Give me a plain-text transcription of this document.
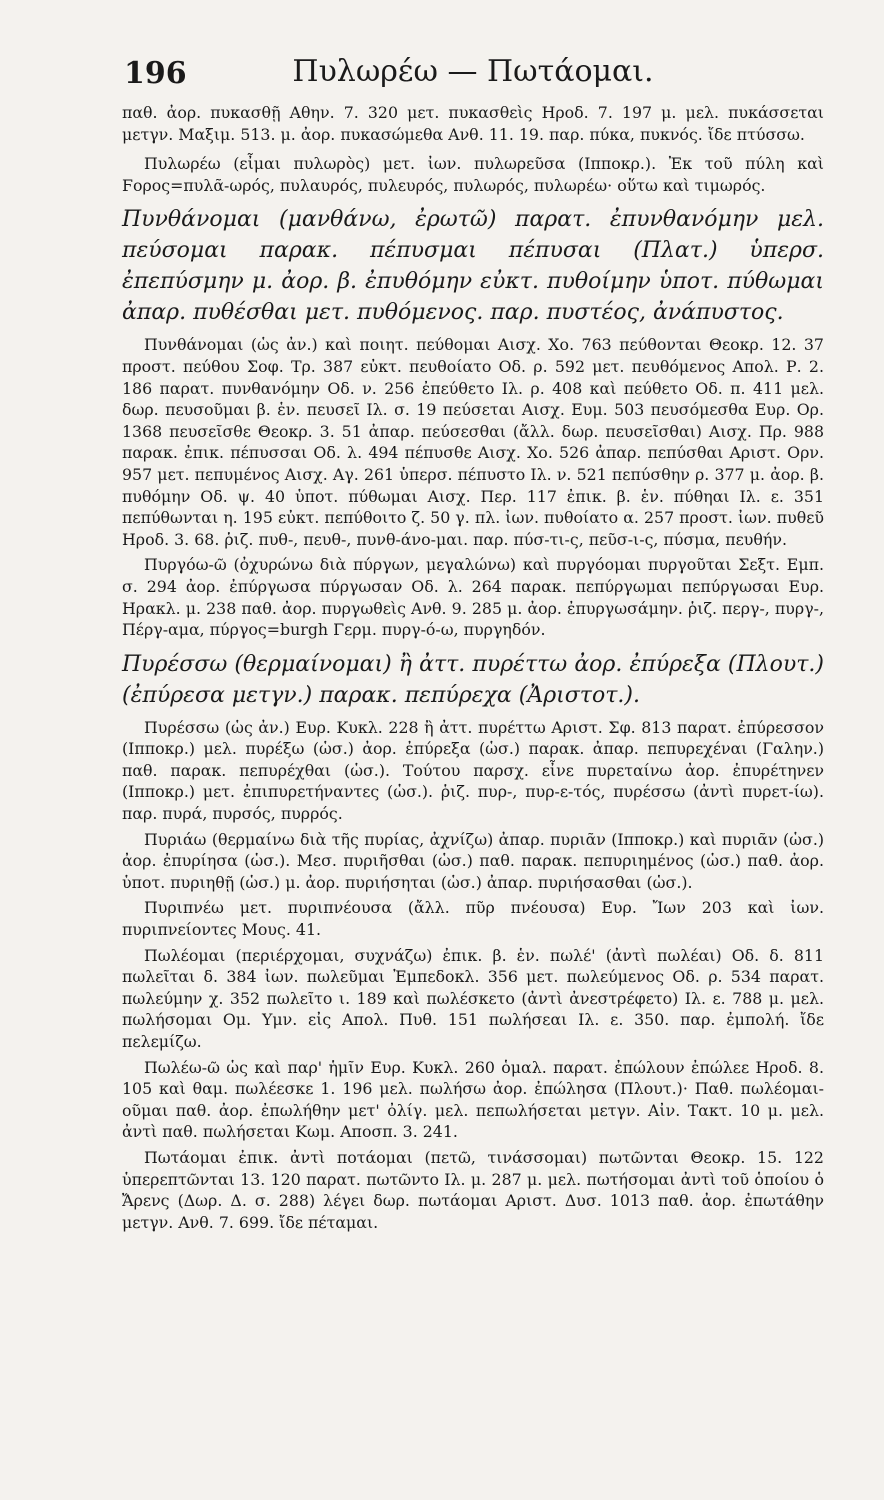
196	Πυλωρέω — Πωτάομαι.

παθ. ἀορ. πυκασθῇ Αθην. 7. 320 μετ. πυκασθεὶς Ηροδ. 7. 197 μ. μελ. πυκάσσεται μετγν. Μαξιμ. 513. μ. ἀορ. πυκασώμεθα Ανθ. 11. 19. παρ. πύκα, πυκνός. ἴδε πτύσσω.

Πυλωρέω (εἶμαι πυλωρὸς) μετ. ἰων. πυλωρεῦσα (Ιπποκρ.). Ἐκ τοῦ πύλη καὶ Ϝορος=πυλᾶ-ωρός, πυλαυρός, πυλευρός, πυλωρός, πυλωρέω· οὕτω καὶ τιμωρός.

Πυνθάνομαι (μανθάνω, ἐρωτῶ) παρατ. ἐπυνθανόμην μελ. πεύσομαι παρακ. πέπυσμαι πέπυσαι (Πλατ.) ὑπερσ. ἐπεπύσμην μ. ἀορ. β. ἐπυθόμην εὐκτ. πυθοίμην ὑποτ. πύθωμαι ἀπαρ. πυθέσθαι μετ. πυθόμενος. παρ. πυστέος, ἀνάπυστος.

Πυνθάνομαι (ὡς ἀν.) καὶ ποιητ. πεύθομαι Αισχ. Χο. 763 πεύθονται Θεοκρ. 12. 37 προστ. πεύθου Σοφ. Τρ. 387 εὐκτ. πευθοίατο Οδ. ρ. 592 μετ. πευθόμενος Απολ. Ρ. 2. 186 παρατ. πυνθανόμην Οδ. ν. 256 ἐπεύθετο Ιλ. ρ. 408 καὶ πεύθετο Οδ. π. 411 μελ. δωρ. πευσοῦμαι β. ἑν. πευσεῖ Ιλ. σ. 19 πεύσεται Αισχ. Ευμ. 503 πευσόμεσθα Ευρ. Ορ. 1368 πευσεῖσθε Θεοκρ. 3. 51 ἀπαρ. πεύσεσθαι (ἄλλ. δωρ. πευσεῖσθαι) Αισχ. Πρ. 988 παρακ. ἐπικ. πέπυσσαι Οδ. λ. 494 πέπυσθε Αισχ. Χο. 526 ἀπαρ. πεπύσθαι Αριστ. Ορν. 957 μετ. πεπυμένος Αισχ. Αγ. 261 ὑπερσ. πέπυστο Ιλ. ν. 521 πεπύσθην ρ. 377 μ. ἀορ. β. πυθόμην Οδ. ψ. 40 ὑποτ. πύθωμαι Αισχ. Περ. 117 ἐπικ. β. ἑν. πύθηαι Ιλ. ε. 351 πεπύθωνται η. 195 εὐκτ. πεπύθοιτο ζ. 50 γ. πλ. ἰων. πυθοίατο α. 257 προστ. ἰων. πυθεῦ Ηροδ. 3. 68. ῥιζ. πυθ-, πευθ-, πυνθ-άνο-μαι. παρ. πύσ-τι-ς, πεῦσ-ι-ς, πύσμα, πευθήν.

Πυργόω-ῶ (ὀχυρώνω διὰ πύργων, μεγαλώνω) καὶ πυργόομαι πυργοῦται Σεξτ. Εμπ. σ. 294 ἀορ. ἐπύργωσα πύργωσαν Οδ. λ. 264 παρακ. πεπύργωμαι πεπύργωσαι Ευρ. Ηρακλ. μ. 238 παθ. ἀορ. πυργωθεὶς Ανθ. 9. 285 μ. ἀορ. ἐπυργωσάμην. ῥιζ. περγ-, πυργ-, Πέργ-αμα, πύργος=burgh Γερμ. πυργ-ό-ω, πυργηδόν.

Πυρέσσω (θερμαίνομαι) ἢ ἀττ. πυρέττω ἀορ. ἐπύρεξα (Πλουτ.) (ἐπύρεσα μετγν.) παρακ. πεπύρεχα (Ἀριστοτ.).

Πυρέσσω (ὡς ἀν.) Ευρ. Κυκλ. 228 ἢ ἀττ. πυρέττω Αριστ. Σφ. 813 παρατ. ἐπύρεσσον (Ιπποκρ.) μελ. πυρέξω (ὡσ.) ἀορ. ἐπύρεξα (ὡσ.) παρακ. ἀπαρ. πεπυρεχέναι (Γαλην.) παθ. παρακ. πεπυρέχθαι (ὡσ.). Τούτου παρσχ. εἶνε πυρεταίνω ἀορ. ἐπυρέτηνεν (Ιπποκρ.) μετ. ἐπιπυρετήναντες (ὡσ.). ῥιζ. πυρ-, πυρ-ε-τός, πυρέσσω (ἀντὶ πυρετ-ίω). παρ. πυρά, πυρσός, πυρρός.

Πυριάω (θερμαίνω διὰ τῆς πυρίας, ἀχνίζω) ἀπαρ. πυριᾶν (Ιπποκρ.) καὶ πυριᾶν (ὡσ.) ἀορ. ἐπυρίησα (ὡσ.). Μεσ. πυριῆσθαι (ὡσ.) παθ. παρακ. πεπυριημένος (ὡσ.) παθ. ἀορ. ὑποτ. πυριηθῇ (ὡσ.) μ. ἀορ. πυριήσηται (ὡσ.) ἀπαρ. πυριήσασθαι (ὡσ.).

Πυριπνέω μετ. πυριπνέουσα (ἄλλ. πῦρ πνέουσα) Ευρ. Ἴων 203 καὶ ἰων. πυριπνείοντες Μους. 41.

Πωλέομαι (περιέρχομαι, συχνάζω) ἐπικ. β. ἑν. πωλέ' (ἀντὶ πωλέαι) Οδ. δ. 811 πωλεῖται δ. 384 ἰων. πωλεῦμαι Ἐμπεδοκλ. 356 μετ. πωλεύμενος Οδ. ρ. 534 παρατ. πωλεύμην χ. 352 πωλεῖτο ι. 189 καὶ πωλέσκετο (ἀντὶ ἀνεστρέφετο) Ιλ. ε. 788 μ. μελ. πωλήσομαι Ομ. Υμν. εἰς Απολ. Πυθ. 151 πωλήσεαι Ιλ. ε. 350. παρ. ἐμπολή. ἴδε πελεμίζω.

Πωλέω-ῶ ὡς καὶ παρ' ἡμῖν Ευρ. Κυκλ. 260 ὁμαλ. παρατ. ἐπώλουν ἐπώλεε Ηροδ. 8. 105 καὶ θαμ. πωλέεσκε 1. 196 μελ. πωλήσω ἀορ. ἐπώλησα (Πλουτ.)· Παθ. πωλέομαι-οῦμαι παθ. ἀορ. ἐπωλήθην μετ' ὀλίγ. μελ. πεπωλήσεται μετγν. Αἰν. Τακτ. 10 μ. μελ. ἀντὶ παθ. πωλήσεται Κωμ. Αποσπ. 3. 241.

Πωτάομαι ἐπικ. ἀντὶ ποτάομαι (πετῶ, τινάσσομαι) πωτῶνται Θεοκρ. 15. 122 ὑπερεπτῶνται 13. 120 παρατ. πωτῶντο Ιλ. μ. 287 μ. μελ. πωτήσομαι ἀντὶ τοῦ ὁποίου ὁ Ἄρενς (Δωρ. Δ. σ. 288) λέγει δωρ. πωτάομαι Αριστ. Δυσ. 1013 παθ. ἀορ. ἐπωτάθην μετγν. Ανθ. 7. 699. ἴδε πέταμαι.
